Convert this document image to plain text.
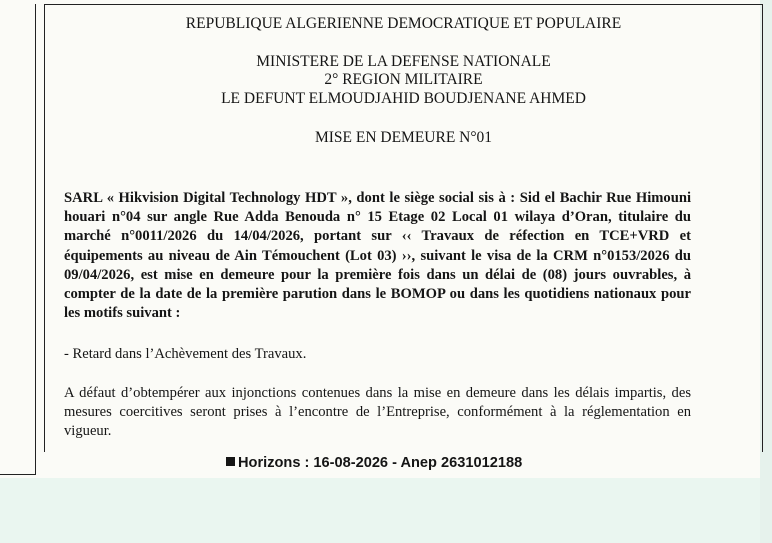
REPUBLIQUE ALGERIENNE DEMOCRATIQUE ET POPULAIRE
MINISTERE DE LA DEFENSE NATIONALE
2° REGION MILITAIRE
LE DEFUNT ELMOUDJAHID BOUDJENANE AHMED
MISE EN DEMEURE N°01
SARL « Hikvision Digital Technology HDT », dont le siège social sis à : Sid el Bachir Rue Himouni houari n°04 sur angle Rue Adda Benouda n° 15 Etage 02 Local 01 wilaya d’Oran, titulaire du marché n°0011/2026 du 14/04/2026, portant sur ‹‹ Travaux de réfection en TCE+VRD et équipements au niveau de Ain Témouchent (Lot 03) ››, suivant le visa de la CRM n°0153/2026 du 09/04/2026, est mise en demeure pour la première fois dans un délai de (08) jours ouvrables, à compter de la date de la première parution dans le BOMOP ou dans les quotidiens nationaux pour les motifs suivant :
- Retard dans l’Achèvement des Travaux.
A défaut d’obtempérer aux injonctions contenues dans la mise en demeure dans les délais impartis, des mesures coercitives seront prises à l’encontre de l’Entreprise, conformément à la réglementation en vigueur.
Horizons : 16-08-2026 - Anep 2631012188
